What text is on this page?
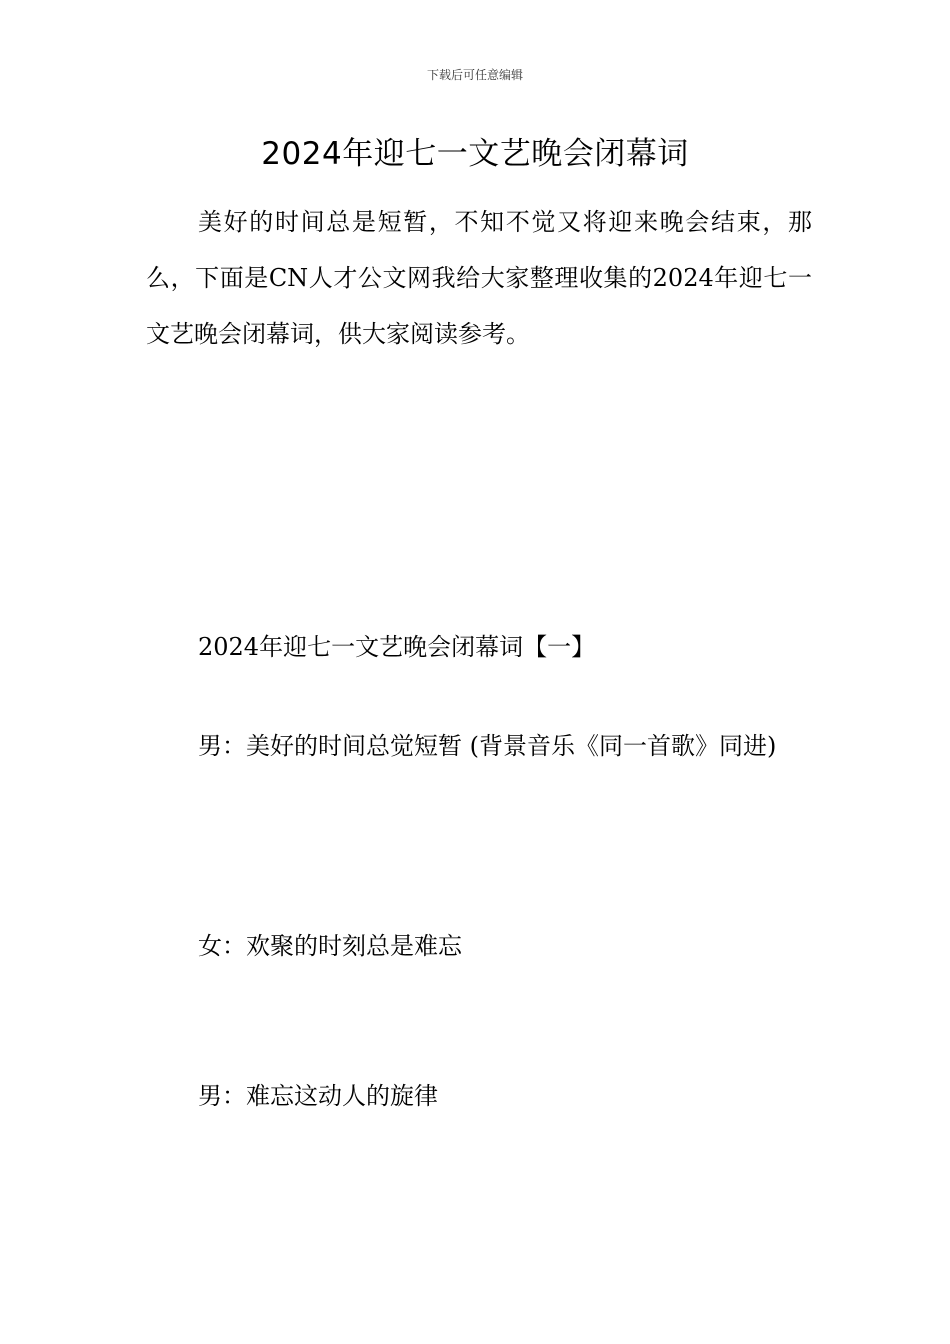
下载后可任意编辑
2024年迎七一文艺晚会闭幕词

美好的时间总是短暂，不知不觉又将迎来晚会结束，那么，下面是CN人才公文网我给大家整理收集的2024年迎七一文艺晚会闭幕词，供大家阅读参考。

2024年迎七一文艺晚会闭幕词【一】

男：美好的时间总觉短暂 (背景音乐《同一首歌》同进)

女：欢聚的时刻总是难忘

男：难忘这动人的旋律
